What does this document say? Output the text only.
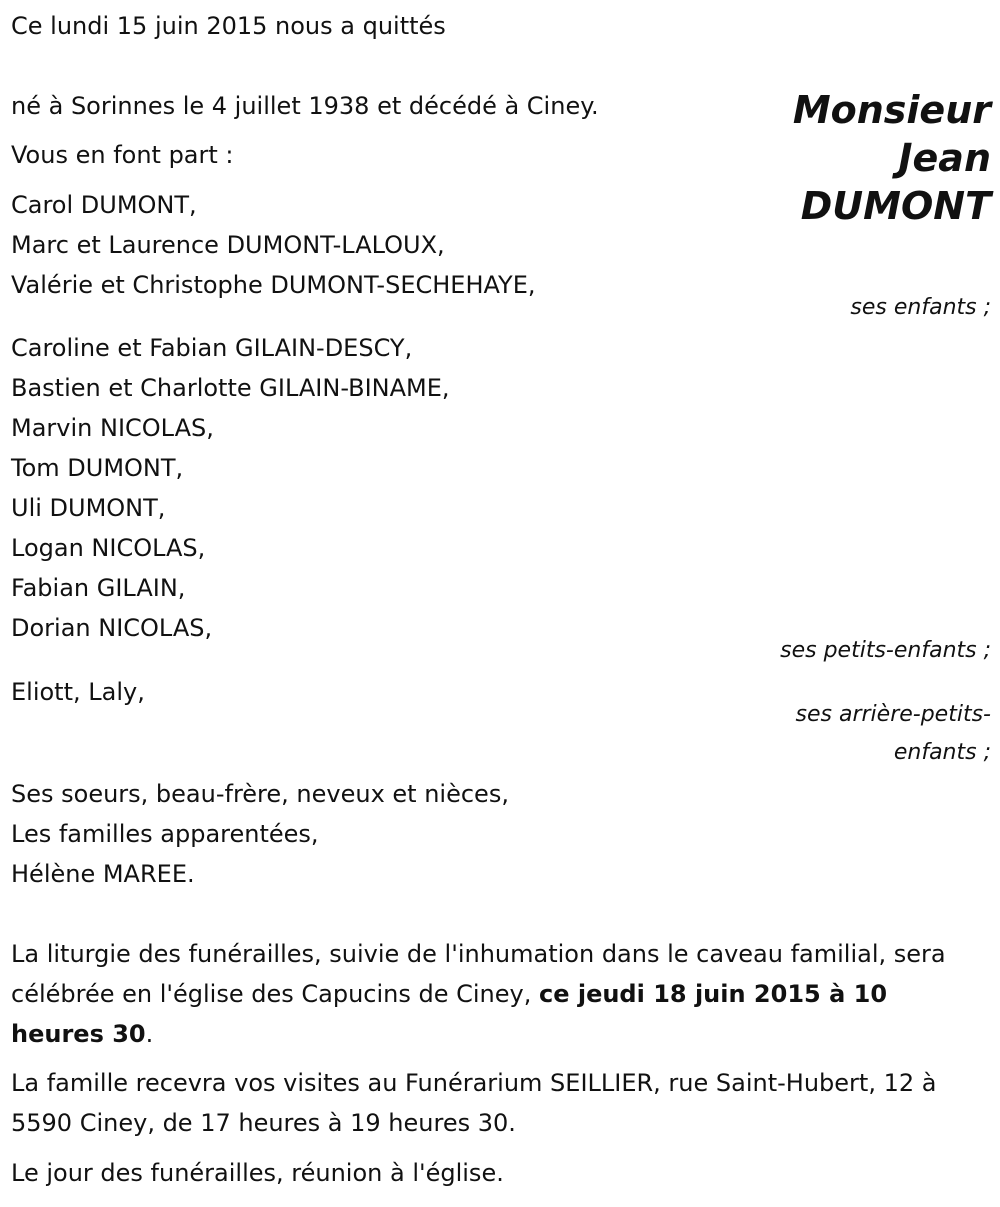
Ce lundi 15 juin 2015 nous a quittés
Monsieur
Jean
DUMONT
né à Sorinnes le 4 juillet 1938 et décédé à Ciney.
Vous en font part :
Carol DUMONT,
Marc et Laurence DUMONT-LALOUX,
Valérie et Christophe DUMONT-SECHEHAYE,
ses enfants ;
Caroline et Fabian GILAIN-DESCY,
Bastien et Charlotte GILAIN-BINAME,
Marvin NICOLAS,
Tom DUMONT,
Uli DUMONT,
Logan NICOLAS,
Fabian GILAIN,
Dorian NICOLAS,
ses petits-enfants ;
Eliott, Laly,
ses arrière-petits-
enfants ;
Ses soeurs, beau-frère, neveux et nièces,
Les familles apparentées,
Hélène MAREE.
La liturgie des funérailles, suivie de l'inhumation dans le caveau familial, sera célébrée en l'église des Capucins de Ciney, ce jeudi 18 juin 2015 à 10 heures 30.
La famille recevra vos visites au Funérarium SEILLIER, rue Saint-Hubert, 12 à 5590 Ciney, de 17 heures à 19 heures 30.
Le jour des funérailles, réunion à l'église.
